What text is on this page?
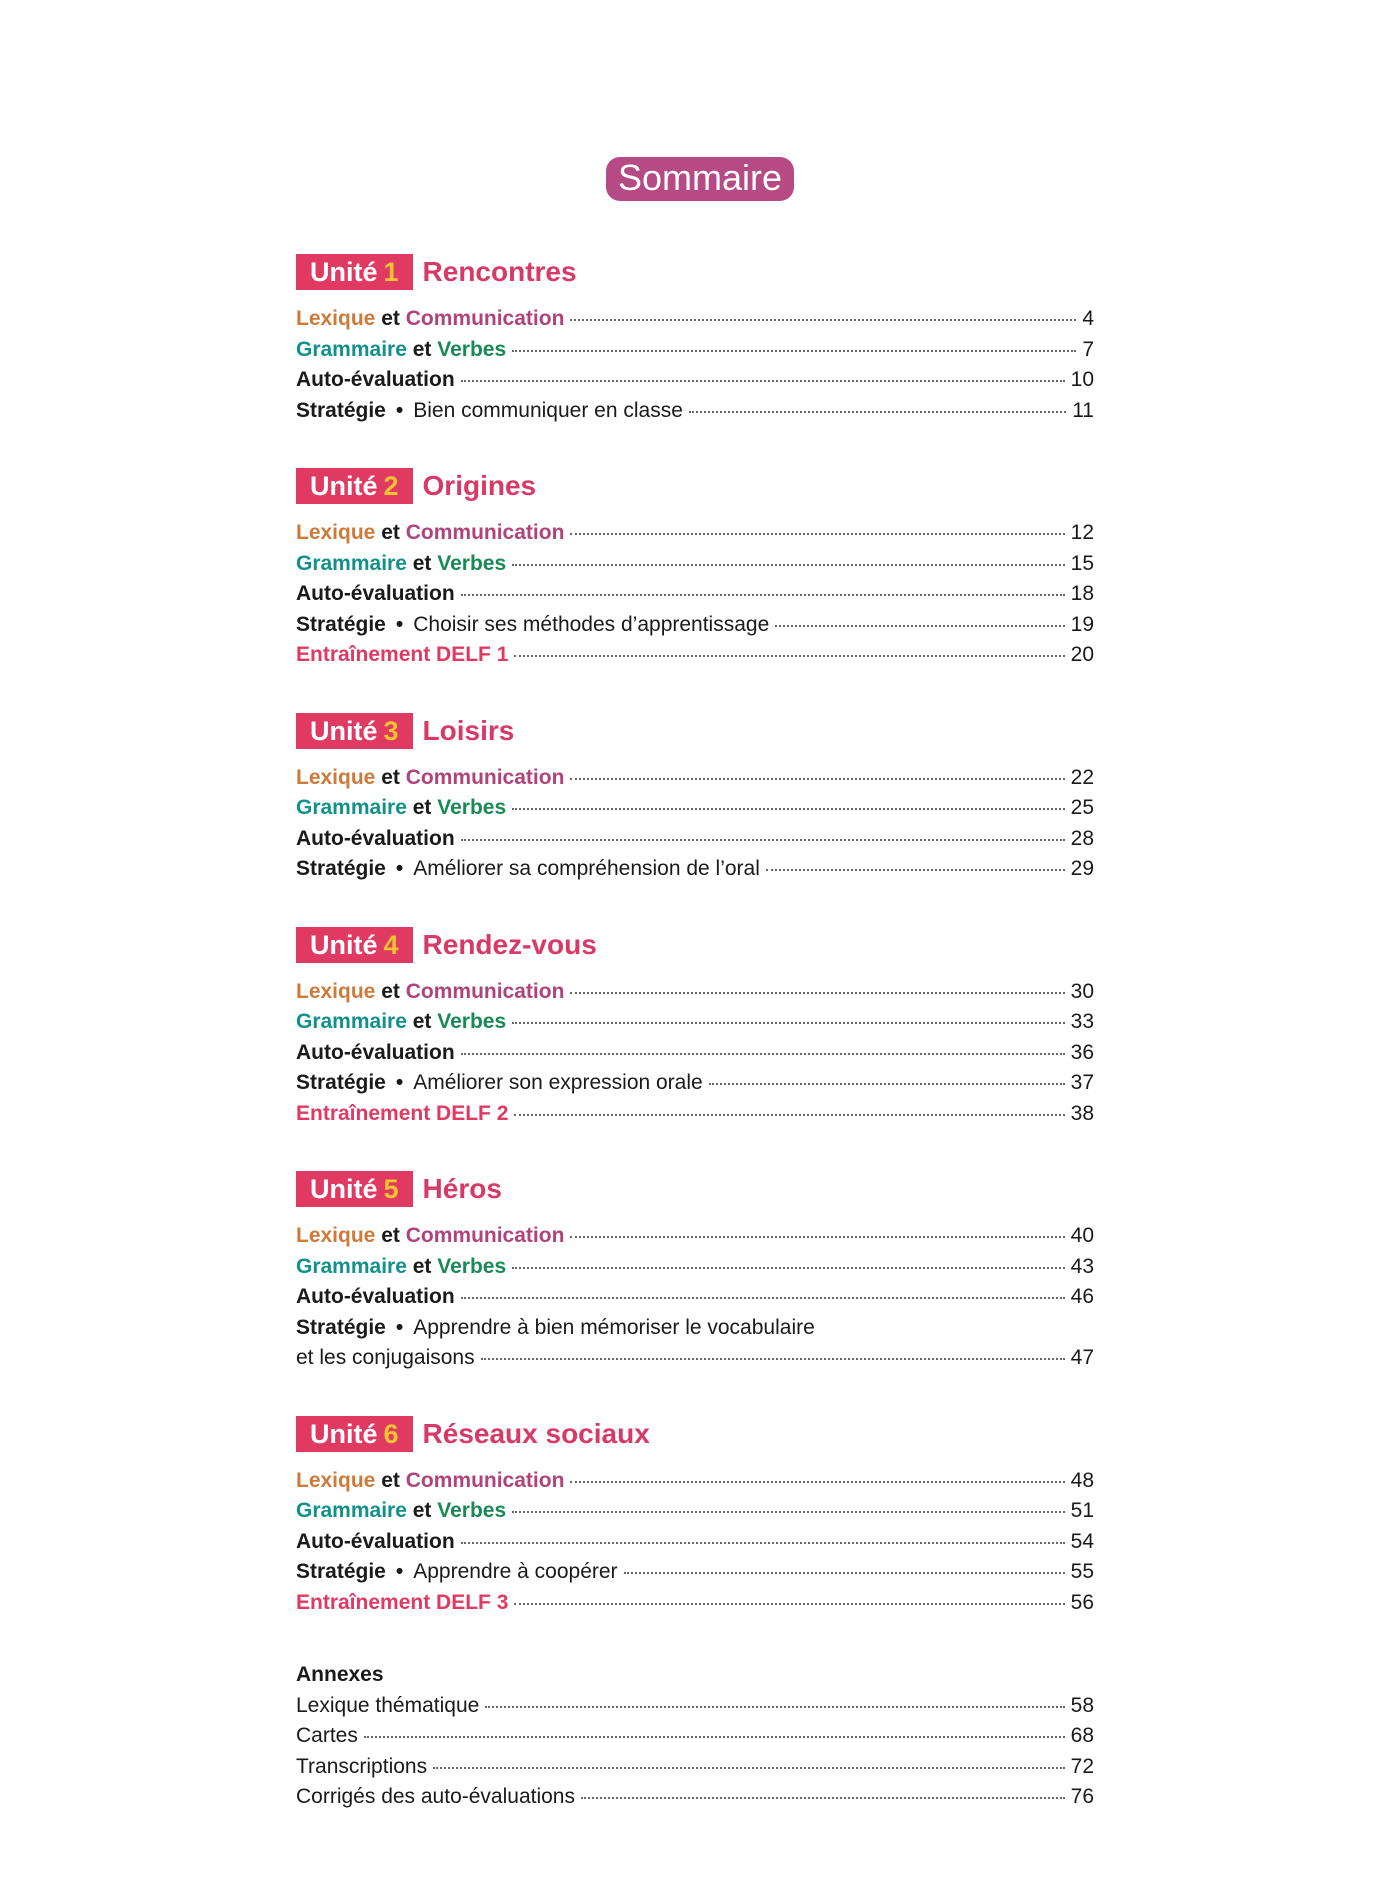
Sommaire
Unité 1 Rencontres
Lexique et Communication	4
Grammaire et Verbes	7
Auto-évaluation	10
Stratégie • Bien communiquer en classe	11
Unité 2 Origines
Lexique et Communication	12
Grammaire et Verbes	15
Auto-évaluation	18
Stratégie • Choisir ses méthodes d’apprentissage	19
Entraînement DELF 1	20
Unité 3 Loisirs
Lexique et Communication	22
Grammaire et Verbes	25
Auto-évaluation	28
Stratégie • Améliorer sa compréhension de l’oral	29
Unité 4 Rendez-vous
Lexique et Communication	30
Grammaire et Verbes	33
Auto-évaluation	36
Stratégie • Améliorer son expression orale	37
Entraînement DELF 2	38
Unité 5 Héros
Lexique et Communication	40
Grammaire et Verbes	43
Auto-évaluation	46
Stratégie • Apprendre à bien mémoriser le vocabulaire
et les conjugaisons	47
Unité 6 Réseaux sociaux
Lexique et Communication	48
Grammaire et Verbes	51
Auto-évaluation	54
Stratégie • Apprendre à coopérer	55
Entraînement DELF 3	56
Annexes
Lexique thématique	58
Cartes	68
Transcriptions	72
Corrigés des auto-évaluations	76
